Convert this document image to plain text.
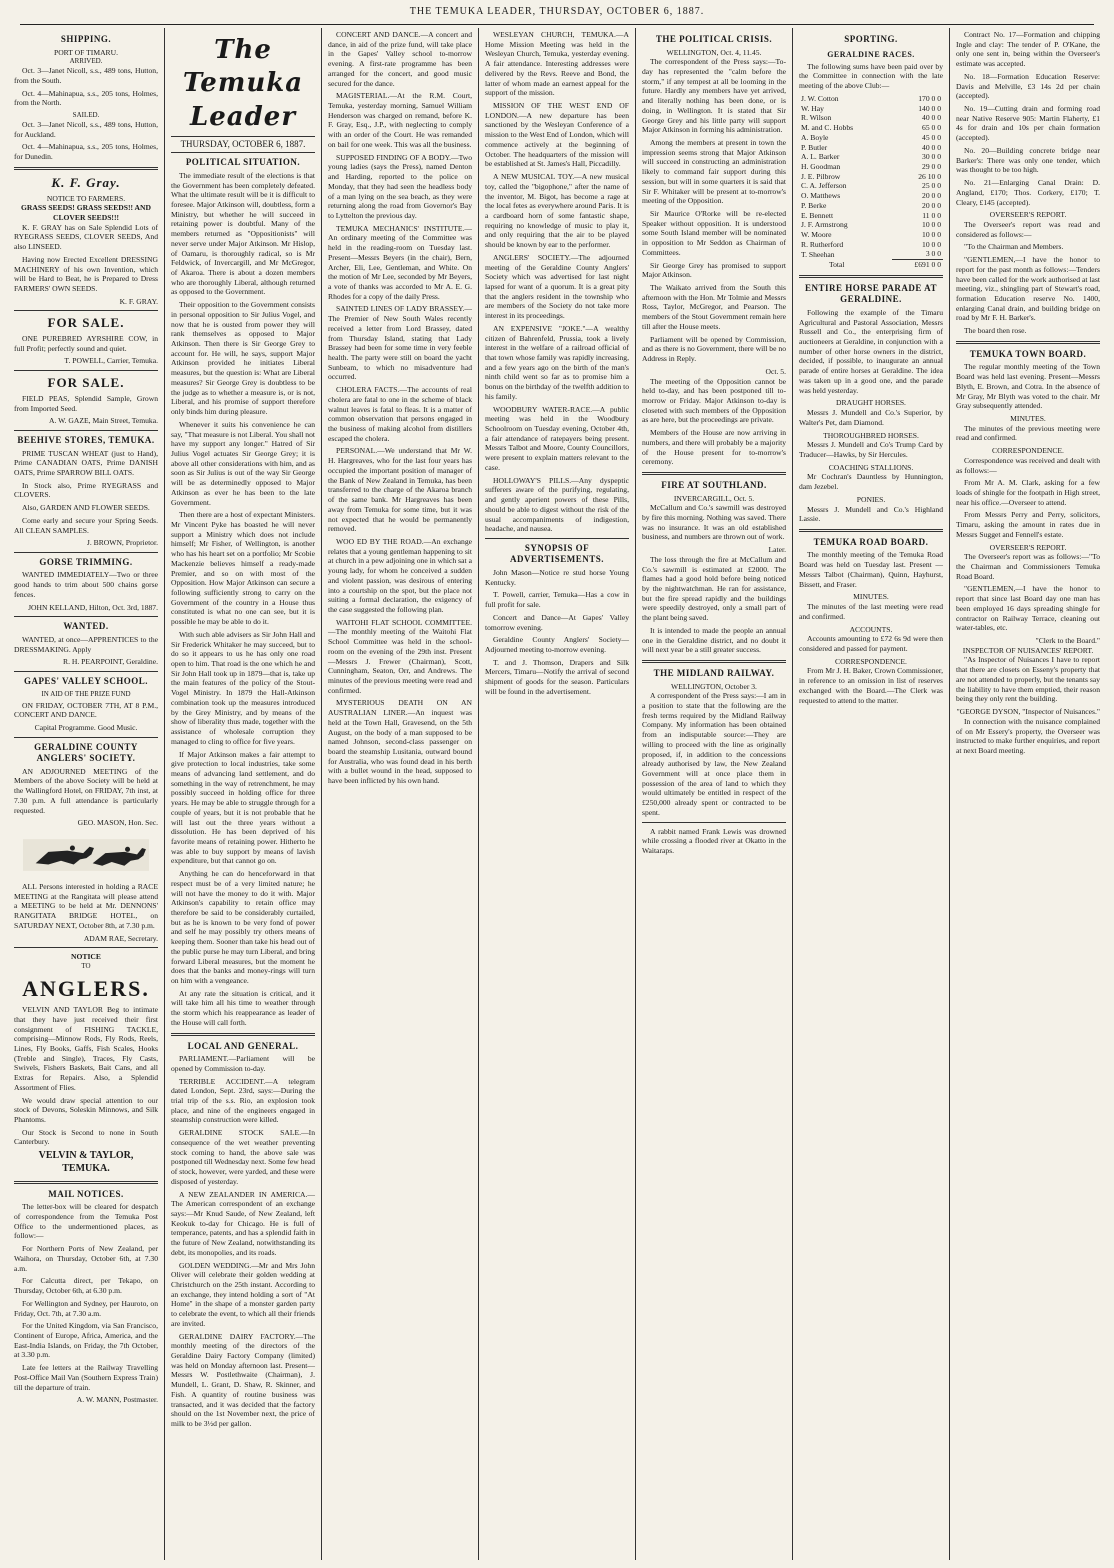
THE TEMUKA LEADER, THURSDAY, OCTOBER 6, 1887.
SHIPPING.
PORT OF TIMARU.
ARRIVED.

Oct. 3—Janet Nicoll, s.s., 489 tons, Hutton, from the South.

Oct. 4—Mahinapua, s.s., 205 tons, Holmes, from the North.

SAILED.

Oct. 3—Janet Nicoll, s.s., 489 tons, Hutton, for Auckland.

Oct. 4—Mahinapua, s.s., 205 tons, Holmes, for Dunedin.

K. F. Gray.
NOTICE TO FARMERS.
GRASS SEEDS! GRASS SEEDS!! AND CLOVER SEEDS!!!

K. F. GRAY has on Sale Splendid Lots of RYEGRASS SEEDS, CLOVER SEEDS, And also LINSEED.

Having now Erected Excellent DRESSING MACHINERY of his own Invention, which will be Hard to Beat, he is Prepared to Dress FARMERS' OWN SEEDS.

K. F. GRAY.
FOR SALE.

ONE PUREBRED AYRSHIRE COW, in full Profit; perfectly sound and quiet.

T. POWELL, Carrier, Temuka.
FOR SALE.

FIELD PEAS, Splendid Sample, Grown from Imported Seed.

A. W. GAZE, Main Street, Temuka.
BEEHIVE STORES, TEMUKA.

PRIME TUSCAN WHEAT (just to Hand), Prime CANADIAN OATS, Prime DANISH OATS, Prime SPARROW BILL OATS.

In Stock also, Prime RYEGRASS and CLOVERS.

Also, GARDEN AND FLOWER SEEDS.

Come early and secure your Spring Seeds. All CLEAN SAMPLES.

J. BROWN, Proprietor.
GORSE TRIMMING.

WANTED IMMEDIATELY—Two or three good hands to trim about 500 chains gorse fences.

JOHN KELLAND, Hilton, Oct. 3rd, 1887.
WANTED.

WANTED, at once—APPRENTICES to the DRESSMAKING. Apply

R. H. PEARPOINT, Geraldine.
GAPES' VALLEY SCHOOL.
IN AID OF THE PRIZE FUND

ON FRIDAY, OCTOBER 7TH, AT 8 P.M., CONCERT AND DANCE.

Capital Programme. Good Music.
GERALDINE COUNTY ANGLERS' SOCIETY.

AN ADJOURNED MEETING of the Members of the above Society will be held at the Wallingford Hotel, on FRIDAY, 7th inst, at 7.30 p.m. A full attendance is particularly requested.

GEO. MASON, Hon. Sec.

ALL Persons interested in holding a RACE MEETING at the Rangitata will please attend a MEETING to be held at Mr. DENNONS' RANGITATA BRIDGE HOTEL, on SATURDAY NEXT, October 8th, at 7.30 p.m.

ADAM RAE, Secretary.
NOTICE
TO
ANGLERS.

VELVIN AND TAYLOR Beg to intimate that they have just received their first consignment of FISHING TACKLE, comprising—Minnow Rods, Fly Rods, Reels, Lines, Fly Books, Gaffs, Fish Scales, Hooks (Treble and Single), Traces, Fly Casts, Swivels, Fishers Baskets, Bait Cans, and all Extras for Repairs. Also, a Splendid Assortment of Flies.

We would draw special attention to our stock of Devons, Soleskin Minnows, and Silk Phantoms.

Our Stock is Second to none in South Canterbury.

VELVIN & TAYLOR, TEMUKA.
MAIL NOTICES.

The letter-box will be cleared for despatch of correspondence from the Temuka Post Office to the undermentioned places, as follow:—

For Northern Ports of New Zealand, per Waihora, on Thursday, October 6th, at 7.30 a.m.

For Calcutta direct, per Tekapo, on Thursday, October 6th, at 6.30 p.m.

For Wellington and Sydney, per Hauroto, on Friday, Oct. 7th, at 7.30 a.m.

For the United Kingdom, via San Francisco, Continent of Europe, Africa, America, and the East-India Islands, on Friday, the 7th October, at 3.30 p.m.

Late fee letters at the Railway Travelling Post-Office Mail Van (Southern Express Train) till the departure of train.

A. W. MANN, Postmaster.
The Temuka Leader
THURSDAY, OCTOBER 6, 1887.
POLITICAL SITUATION.

The immediate result of the elections is that the Government has been completely defeated. What the ultimate result will be it is difficult to foresee. Major Atkinson will, doubtless, form a Ministry, but whether he will succeed in retaining power is doubtful. Many of the members returned as "Oppositionists" will never serve under Major Atkinson. Mr Hislop, of Oamaru, is thoroughly radical, so is Mr Feldwick, of Invercargill, and Mr McGregor, of Akaroa. There is about a dozen members who are thoroughly Liberal, although returned as opposed to the Government.

Their opposition to the Government consists in personal opposition to Sir Julius Vogel, and now that he is ousted from power they will rank themselves as opposed to Major Atkinson. Then there is Sir George Grey to account for. He will, he says, support Major Atkinson provided he initiates Liberal measures, but the question is: What are Liberal measures? Sir George Grey is doubtless to be the judge as to whether a measure is, or is not, Liberal, and his promise of support therefore only binds him during pleasure.

Whenever it suits his convenience he can say, "That measure is not Liberal. You shall not have my support any longer." Hatred of Sir Julius Vogel actuates Sir George Grey; it is above all other considerations with him, and as soon as Sir Julius is out of the way Sir George will be as determinedly opposed to Major Atkinson as ever he has been to the late Government.

Then there are a host of expectant Ministers. Mr Vincent Pyke has boasted he will never support a Ministry which does not include himself; Mr Fisher, of Wellington, is another who has his heart set on a portfolio; Mr Scobie Mackenzie believes himself a ready-made Premier, and so on with most of the Opposition. How Major Atkinson can secure a following sufficiently strong to carry on the Government of the country in a House thus constituted is what no one can see, but it is possible he may be able to do it.

With such able advisers as Sir John Hall and Sir Frederick Whitaker he may succeed, but to do so it appears to us he has only one road open to him. That road is the one which he and Sir John Hall took up in 1879—that is, take up the main features of the policy of the Stout-Vogel Ministry. In 1879 the Hall-Atkinson combination took up the measures introduced by the Grey Ministry, and by means of the show of liberality thus made, together with the assistance of wholesale corruption they managed to cling to office for five years.

If Major Atkinson makes a fair attempt to give protection to local industries, take some means of advancing land settlement, and do something in the way of retrenchment, he may possibly succeed in holding office for three years. He may be able to struggle through for a couple of years, but it is not probable that he will last out the three years without a dissolution. He has been deprived of his favorite means of retaining power. Hitherto he was able to buy support by means of lavish expenditure, but that cannot go on.

Anything he can do henceforward in that respect must be of a very limited nature; he will not have the money to do it with. Major Atkinson's capability to retain office may therefore be said to be considerably curtailed, but as he is known to be very fond of power and self he may possibly try others means of keeping them. Sooner than take his head out of the public purse he may turn Liberal, and bring forward Liberal measures, but the moment he does that the banks and money-rings will turn on him with a vengeance.

At any rate the situation is critical, and it will take him all his time to weather through the storm which his reappearance as leader of the House will call forth.

LOCAL AND GENERAL.

PARLIAMENT.—Parliament will be opened by Commission to-day.

TERRIBLE ACCIDENT.—A telegram dated London, Sept. 23rd, says:—During the trial trip of the s.s. Rio, an explosion took place, and nine of the engineers engaged in steamship construction were killed.

GERALDINE STOCK SALE.—In consequence of the wet weather preventing stock coming to hand, the above sale was postponed till Wednesday next. Some few head of stock, however, were yarded, and these were disposed of yesterday.

A NEW ZEALANDER IN AMERICA.—The American correspondent of an exchange says:—Mr Knud Saude, of New Zealand, left Keokuk to-day for Chicago. He is full of temperance, patents, and has a splendid faith in the future of New Zealand, notwithstanding its debt, its monopolies, and its roads.

GOLDEN WEDDING.—Mr and Mrs John Oliver will celebrate their golden wedding at Christchurch on the 25th instant. According to an exchange, they intend holding a sort of "At Home" in the shape of a monster garden party to celebrate the event, to which all their friends are invited.

GERALDINE DAIRY FACTORY.—The monthly meeting of the directors of the Geraldine Dairy Factory Company (limited) was held on Monday afternoon last. Present—Messrs W. Postlethwaite (Chairman), J. Mundell, L. Grant, D. Shaw, R. Skinner, and Fish. A quantity of routine business was transacted, and it was decided that the factory should on the 1st November next, the price of milk to be 3½d per gallon.

CONCERT AND DANCE.—A concert and dance, in aid of the prize fund, will take place in the Gapes' Valley school to-morrow evening. A first-rate programme has been arranged for the concert, and good music secured for the dance.

MAGISTERIAL.—At the R.M. Court, Temuka, yesterday morning, Samuel William Henderson was charged on remand, before K. F. Gray, Esq., J.P., with neglecting to comply with an order of the Court. He was remanded on bail for one week. This was all the business.

SUPPOSED FINDING OF A BODY.—Two young ladies (says the Press), named Denton and Harding, reported to the police on Monday, that they had seen the headless body of a man lying on the sea beach, as they were returning along the road from Governor's Bay to Lyttelton the previous day.

TEMUKA MECHANICS' INSTITUTE.—An ordinary meeting of the Committee was held in the reading-room on Tuesday last. Present—Messrs Beyers (in the chair), Bern, Archer, Eli, Lee, Gentleman, and White. On the motion of Mr Lee, seconded by Mr Beyers, a vote of thanks was accorded to Mr A. E. G. Rhodes for a copy of the daily Press.

SAINTED LINES OF LADY BRASSEY.—The Premier of New South Wales recently received a letter from Lord Brassey, dated from Thursday Island, stating that Lady Brassey had been for some time in very feeble health. The party were still on board the yacht Sunbeam, to which no misadventure had occurred.

CHOLERA FACTS.—The accounts of real cholera are fatal to one in the scheme of black walnut leaves is fatal to fleas. It is a matter of common observation that persons engaged in the business of making alcohol from distillers escaped the cholera.

PERSONAL.—We understand that Mr W. H. Hargreaves, who for the last four years has occupied the important position of manager of the Bank of New Zealand in Temuka, has been transferred to the charge of the Akaroa branch of the same bank. Mr Hargreaves has been away from Temuka for some time, but it was not expected that he would be permanently removed.

WOO ED BY THE ROAD.—An exchange relates that a young gentleman happening to sit at church in a pew adjoining one in which sat a young lady, for whom he conceived a sudden and violent passion, was desirous of entering into a courtship on the spot, but the place not suiting a formal declaration, the exigency of the case suggested the following plan.

WAITOHI FLAT SCHOOL COMMITTEE.—The monthly meeting of the Waitohi Flat School Committee was held in the school-room on the evening of the 29th inst. Present—Messrs J. Frewer (Chairman), Scott, Cunningham, Seaton, Orr, and Andrews. The minutes of the previous meeting were read and confirmed.

MYSTERIOUS DEATH ON AN AUSTRALIAN LINER.—An inquest was held at the Town Hall, Gravesend, on the 5th August, on the body of a man supposed to be named Johnson, second-class passenger on board the steamship Lusitania, outward bound for Australia, who was found dead in his berth with a bullet wound in the head, supposed to have been inflicted by his own hand.

WESLEYAN CHURCH, TEMUKA.—A Home Mission Meeting was held in the Wesleyan Church, Temuka, yesterday evening. A fair attendance. Interesting addresses were delivered by the Revs. Reeve and Bond, the latter of whom made an earnest appeal for the support of the mission.

MISSION OF THE WEST END OF LONDON.—A new departure has been sanctioned by the Wesleyan Conference of a mission to the West End of London, which will commence actively at the beginning of October. The headquarters of the mission will be established at St. James's Hall, Piccadilly.

A NEW MUSICAL TOY.—A new musical toy, called the "bigophone," after the name of the inventor, M. Bigot, has become a rage at the local fetes as everywhere around Paris. It is a cardboard horn of some fantastic shape, requiring no knowledge of music to play it, and only requiring that the air to be played should be known by ear to the performer.

ANGLERS' SOCIETY.—The adjourned meeting of the Geraldine County Anglers' Society which was advertised for last night lapsed for want of a quorum. It is a great pity that the anglers resident in the township who are members of the Society do not take more interest in its proceedings.

AN EXPENSIVE "JOKE."—A wealthy citizen of Bahrenfeld, Prussia, took a lively interest in the welfare of a railroad official of that town whose family was rapidly increasing, and a few years ago on the birth of the man's ninth child went so far as to promise him a bonus on the birthday of the twelfth addition to his family.

WOODBURY WATER-RACE.—A public meeting was held in the Woodbury Schoolroom on Tuesday evening, October 4th, a fair attendance of ratepayers being present. Messrs Talbot and Moore, County Councillors, were present to explain matters relevant to the case.

HOLLOWAY'S PILLS.—Any dyspeptic sufferers aware of the purifying, regulating, and gently aperient powers of these Pills, should be able to digest without the risk of the usual accompaniments of indigestion, headache, and nausea.

SYNOPSIS OF ADVERTISEMENTS.

John Mason—Notice re stud horse Young Kentucky.

T. Powell, carrier, Temuka—Has a cow in full profit for sale.

Concert and Dance—At Gapes' Valley tomorrow evening.

Geraldine County Anglers' Society—Adjourned meeting to-morrow evening.

T. and J. Thomson, Drapers and Silk Mercers, Timaru—Notify the arrival of second shipment of goods for the season. Particulars will be found in the advertisement.

THE POLITICAL CRISIS.
WELLINGTON, Oct. 4, 11.45.

The correspondent of the Press says:—To-day has represented the "calm before the storm," if any tempest at all be looming in the future. Hardly any members have yet arrived, and literally nothing has been done, or is doing, in Wellington. It is stated that Sir George Grey and his little party will support Major Atkinson in forming his administration.

Among the members at present in town the impression seems strong that Major Atkinson will succeed in constructing an administration likely to command fair support during this session, but will in some quarters it is said that Sir F. Whitaker will be present at to-morrow's meeting of the Opposition.

Sir Maurice O'Rorke will be re-elected Speaker without opposition. It is understood some South Island member will be nominated in opposition to Mr Seddon as Chairman of Committees.

Sir George Grey has promised to support Major Atkinson.

The Waikato arrived from the South this afternoon with the Hon. Mr Tolmie and Messrs Ross, Taylor, McGregor, and Pearson. The members of the Stout Government remain here till after the House meets.

Parliament will be opened by Commission, and as there is no Government, there will be no Address in Reply.

Oct. 5.

The meeting of the Opposition cannot be held to-day, and has been postponed till to-morrow or Friday. Major Atkinson to-day is closeted with such members of the Opposition as are here, but the proceedings are private.

Members of the House are now arriving in numbers, and there will probably be a majority of the House present for to-morrow's ceremony.

FIRE AT SOUTHLAND.
INVERCARGILL, Oct. 5.

McCallum and Co.'s sawmill was destroyed by fire this morning. Nothing was saved. There was no insurance. It was an old established business, and numbers are thrown out of work.

Later.

The loss through the fire at McCallum and Co.'s sawmill is estimated at £2000. The flames had a good hold before being noticed by the nightwatchman. He ran for assistance, but the fire spread rapidly and the buildings were speedily destroyed, only a small part of the plant being saved.

It is intended to made the people an annual one in the Geraldine district, and no doubt it will next year be a still greater success.

THE MIDLAND RAILWAY.
WELLINGTON, October 3.

A correspondent of the Press says:—I am in a position to state that the following are the fresh terms required by the Midland Railway Company. My information has been obtained from an indisputable source:—They are willing to proceed with the line as originally proposed, if, in addition to the concessions already authorised by law, the New Zealand Government will at once place them in possession of the area of land to which they would ultimately be entitled in respect of the £250,000 already spent or contracted to be spent.

A rabbit named Frank Lewis was drowned while crossing a flooded river at Okatto in the Waitaraps.

SPORTING.
GERALDINE RACES.

The following sums have been paid over by the Committee in connection with the late meeting of the above Club:—

J. W. Cotton	170 0 0
W. Hay	140 0 0
R. Wilson	40 0 0
M. and C. Hobbs	65 0 0
A. Boyle	45 0 0
P. Butler	40 0 0
A. L. Barker	30 0 0
H. Goodman	29 0 0
J. E. Pilbrow	26 10 0
C. A. Jefferson	25 0 0
O. Matthews	20 0 0
P. Berke	20 0 0
E. Bennett	11 0 0
J. F. Armstrong	10 0 0
W. Moore	10 0 0
R. Rutherford	10 0 0
T. Sheehan	3 0 0
Total	£691 0 0
ENTIRE HORSE PARADE AT GERALDINE.

Following the example of the Timaru Agricultural and Pastoral Association, Messrs Russell and Co., the enterprising firm of auctioneers at Geraldine, in conjunction with a number of other horse owners in the district, decided, if possible, to inaugurate an annual parade of entire horses at Geraldine. The idea was taken up in a good one, and the parade was held yesterday.

DRAUGHT HORSES.

Messrs J. Mundell and Co.'s Superior, by Walter's Pet, dam Diamond.

THOROUGHBRED HORSES.

Messrs J. Mundell and Co's Trump Card by Traducer—Hawks, by Sir Hercules.

COACHING STALLIONS.

Mr Cochran's Dauntless by Hunnington, dam Jezebel.

PONIES.

Messrs J. Mundell and Co.'s Highland Lassie.

TEMUKA ROAD BOARD.

The monthly meeting of the Temuka Road Board was held on Tuesday last. Present — Messrs Talbot (Chairman), Quinn, Hayhurst, Bissett, and Fraser.

MINUTES.

The minutes of the last meeting were read and confirmed.

ACCOUNTS.

Accounts amounting to £72 6s 9d were then considered and passed for payment.

CORRESPONDENCE.

From Mr J. H. Baker, Crown Commissioner, in reference to an omission in list of reserves exchanged with the Board.—The Clerk was requested to attend to the matter.

Contract No. 17—Formation and chipping Ingle and clay: The tender of P. O'Kane, the only one sent in, being within the Overseer's estimate was accepted.

No. 18—Formation Education Reserve: Davis and Melville, £3 14s 2d per chain (accepted).

No. 19—Cutting drain and forming road near Native Reserve 905: Martin Flaherty, £1 4s for drain and 10s per chain formation (accepted).

No. 20—Building concrete bridge near Barker's: There was only one tender, which was thought to be too high.

No. 21—Enlarging Canal Drain: D. Angland, £170; Thos. Corkery, £170; T. Cleary, £145 (accepted).

OVERSEER'S REPORT.

The Overseer's report was read and considered as follows:—

"To the Chairman and Members.

"GENTLEMEN,—I have the honor to report for the past month as follows:—Tenders have been called for the work authorised at last meeting, viz., shingling part of Stewart's road, formation Education reserve No. 1400, enlarging Canal drain, and building bridge on road by Mr F. H. Barker's.

The board then rose.

TEMUKA TOWN BOARD.

The regular monthly meeting of the Town Board was held last evening. Present—Messrs Blyth, E. Brown, and Cotra. In the absence of Mr Gray, Mr Blyth was voted to the chair. Mr Gray subsequently attended.

MINUTES.

The minutes of the previous meeting were read and confirmed.

CORRESPONDENCE.

Correspondence was received and dealt with as follows:—

From Mr A. M. Clark, asking for a few loads of shingle for the footpath in High street, near his office.—Overseer to attend.

From Messrs Perry and Perry, solicitors, Timaru, asking the amount in rates due in Messrs Sugget and Fennell's estate.

OVERSEER'S REPORT.

The Overseer's report was as follows:—"To the Chairman and Commissioners Temuka Road Board.

"GENTLEMEN,—I have the honor to report that since last Board day one man has been employed 16 days spreading shingle for contractor on Railway Terrace, cleaning out water-tables, etc.

"Clerk to the Board."
INSPECTOR OF NUISANCES' REPORT.

"As Inspector of Nuisances I have to report that there are closets on Esseny's property that are not attended to properly, but the tenants say the liability to have them emptied, their reason being they only rent the building.

"GEORGE DYSON, "Inspector of Nuisances."

In connection with the nuisance complained of on Mr Essery's property, the Overseer was instructed to make further enquiries, and report at next Board meeting.
